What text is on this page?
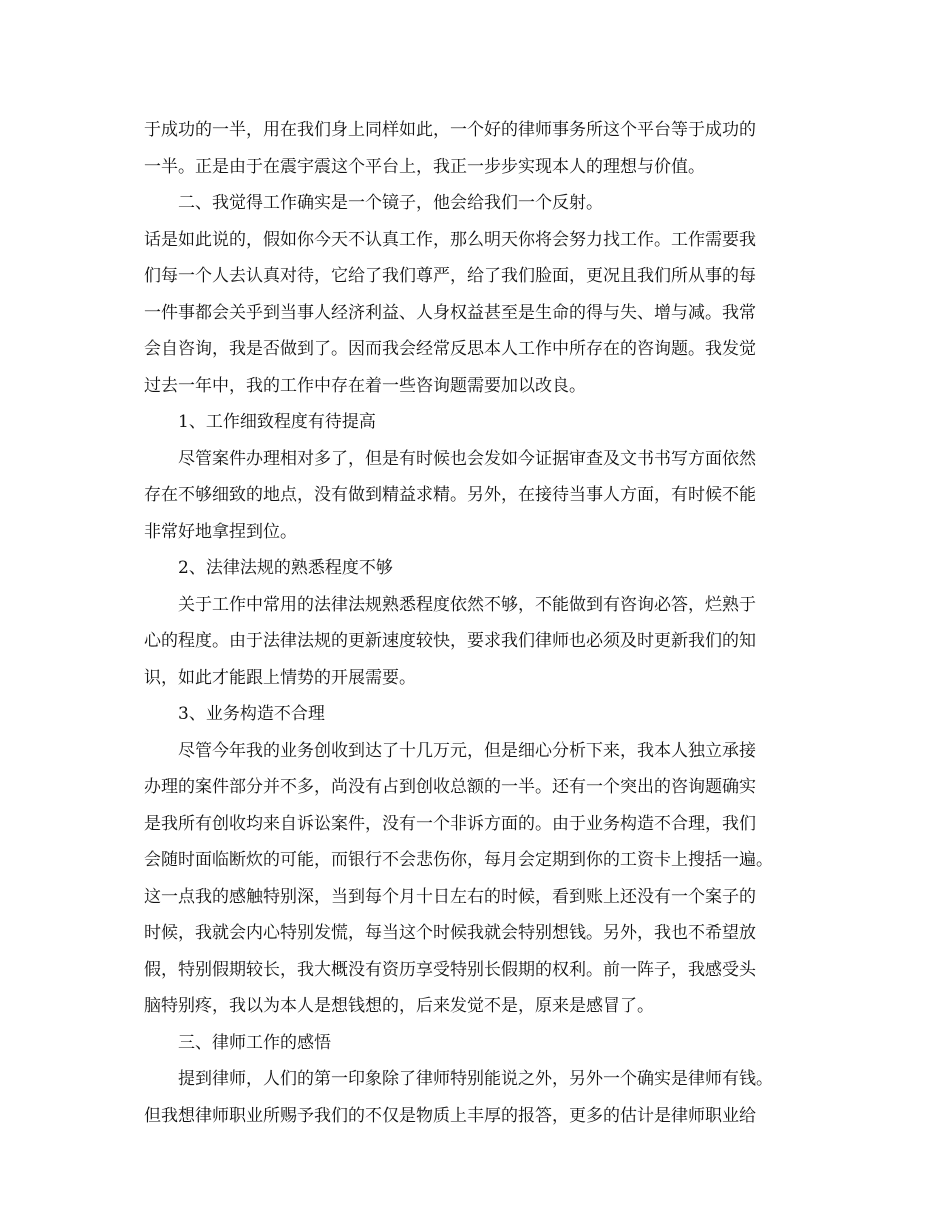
于成功的一半，用在我们身上同样如此，一个好的律师事务所这个平台等于成功的
一半。正是由于在震宇震这个平台上，我正一步步实现本人的理想与价值。
二、我觉得工作确实是一个镜子，他会给我们一个反射。
话是如此说的，假如你今天不认真工作，那么明天你将会努力找工作。工作需要我
们每一个人去认真对待，它给了我们尊严，给了我们脸面，更况且我们所从事的每
一件事都会关乎到当事人经济利益、人身权益甚至是生命的得与失、增与减。我常
会自咨询，我是否做到了。因而我会经常反思本人工作中所存在的咨询题。我发觉
过去一年中，我的工作中存在着一些咨询题需要加以改良。
1、工作细致程度有待提高
尽管案件办理相对多了，但是有时候也会发如今证据审查及文书书写方面依然
存在不够细致的地点，没有做到精益求精。另外，在接待当事人方面，有时候不能
非常好地拿捏到位。
2、法律法规的熟悉程度不够
关于工作中常用的法律法规熟悉程度依然不够，不能做到有咨询必答，烂熟于
心的程度。由于法律法规的更新速度较快，要求我们律师也必须及时更新我们的知
识，如此才能跟上情势的开展需要。
3、业务构造不合理
尽管今年我的业务创收到达了十几万元，但是细心分析下来，我本人独立承接
办理的案件部分并不多，尚没有占到创收总额的一半。还有一个突出的咨询题确实
是我所有创收均来自诉讼案件，没有一个非诉方面的。由于业务构造不合理，我们
会随时面临断炊的可能，而银行不会悲伤你，每月会定期到你的工资卡上搜括一遍。
这一点我的感触特别深，当到每个月十日左右的时候，看到账上还没有一个案子的
时候，我就会内心特别发慌，每当这个时候我就会特别想钱。另外，我也不希望放
假，特别假期较长，我大概没有资历享受特别长假期的权利。前一阵子，我感受头
脑特别疼，我以为本人是想钱想的，后来发觉不是，原来是感冒了。
三、律师工作的感悟
提到律师，人们的第一印象除了律师特别能说之外，另外一个确实是律师有钱。
但我想律师职业所赐予我们的不仅是物质上丰厚的报答，更多的估计是律师职业给
